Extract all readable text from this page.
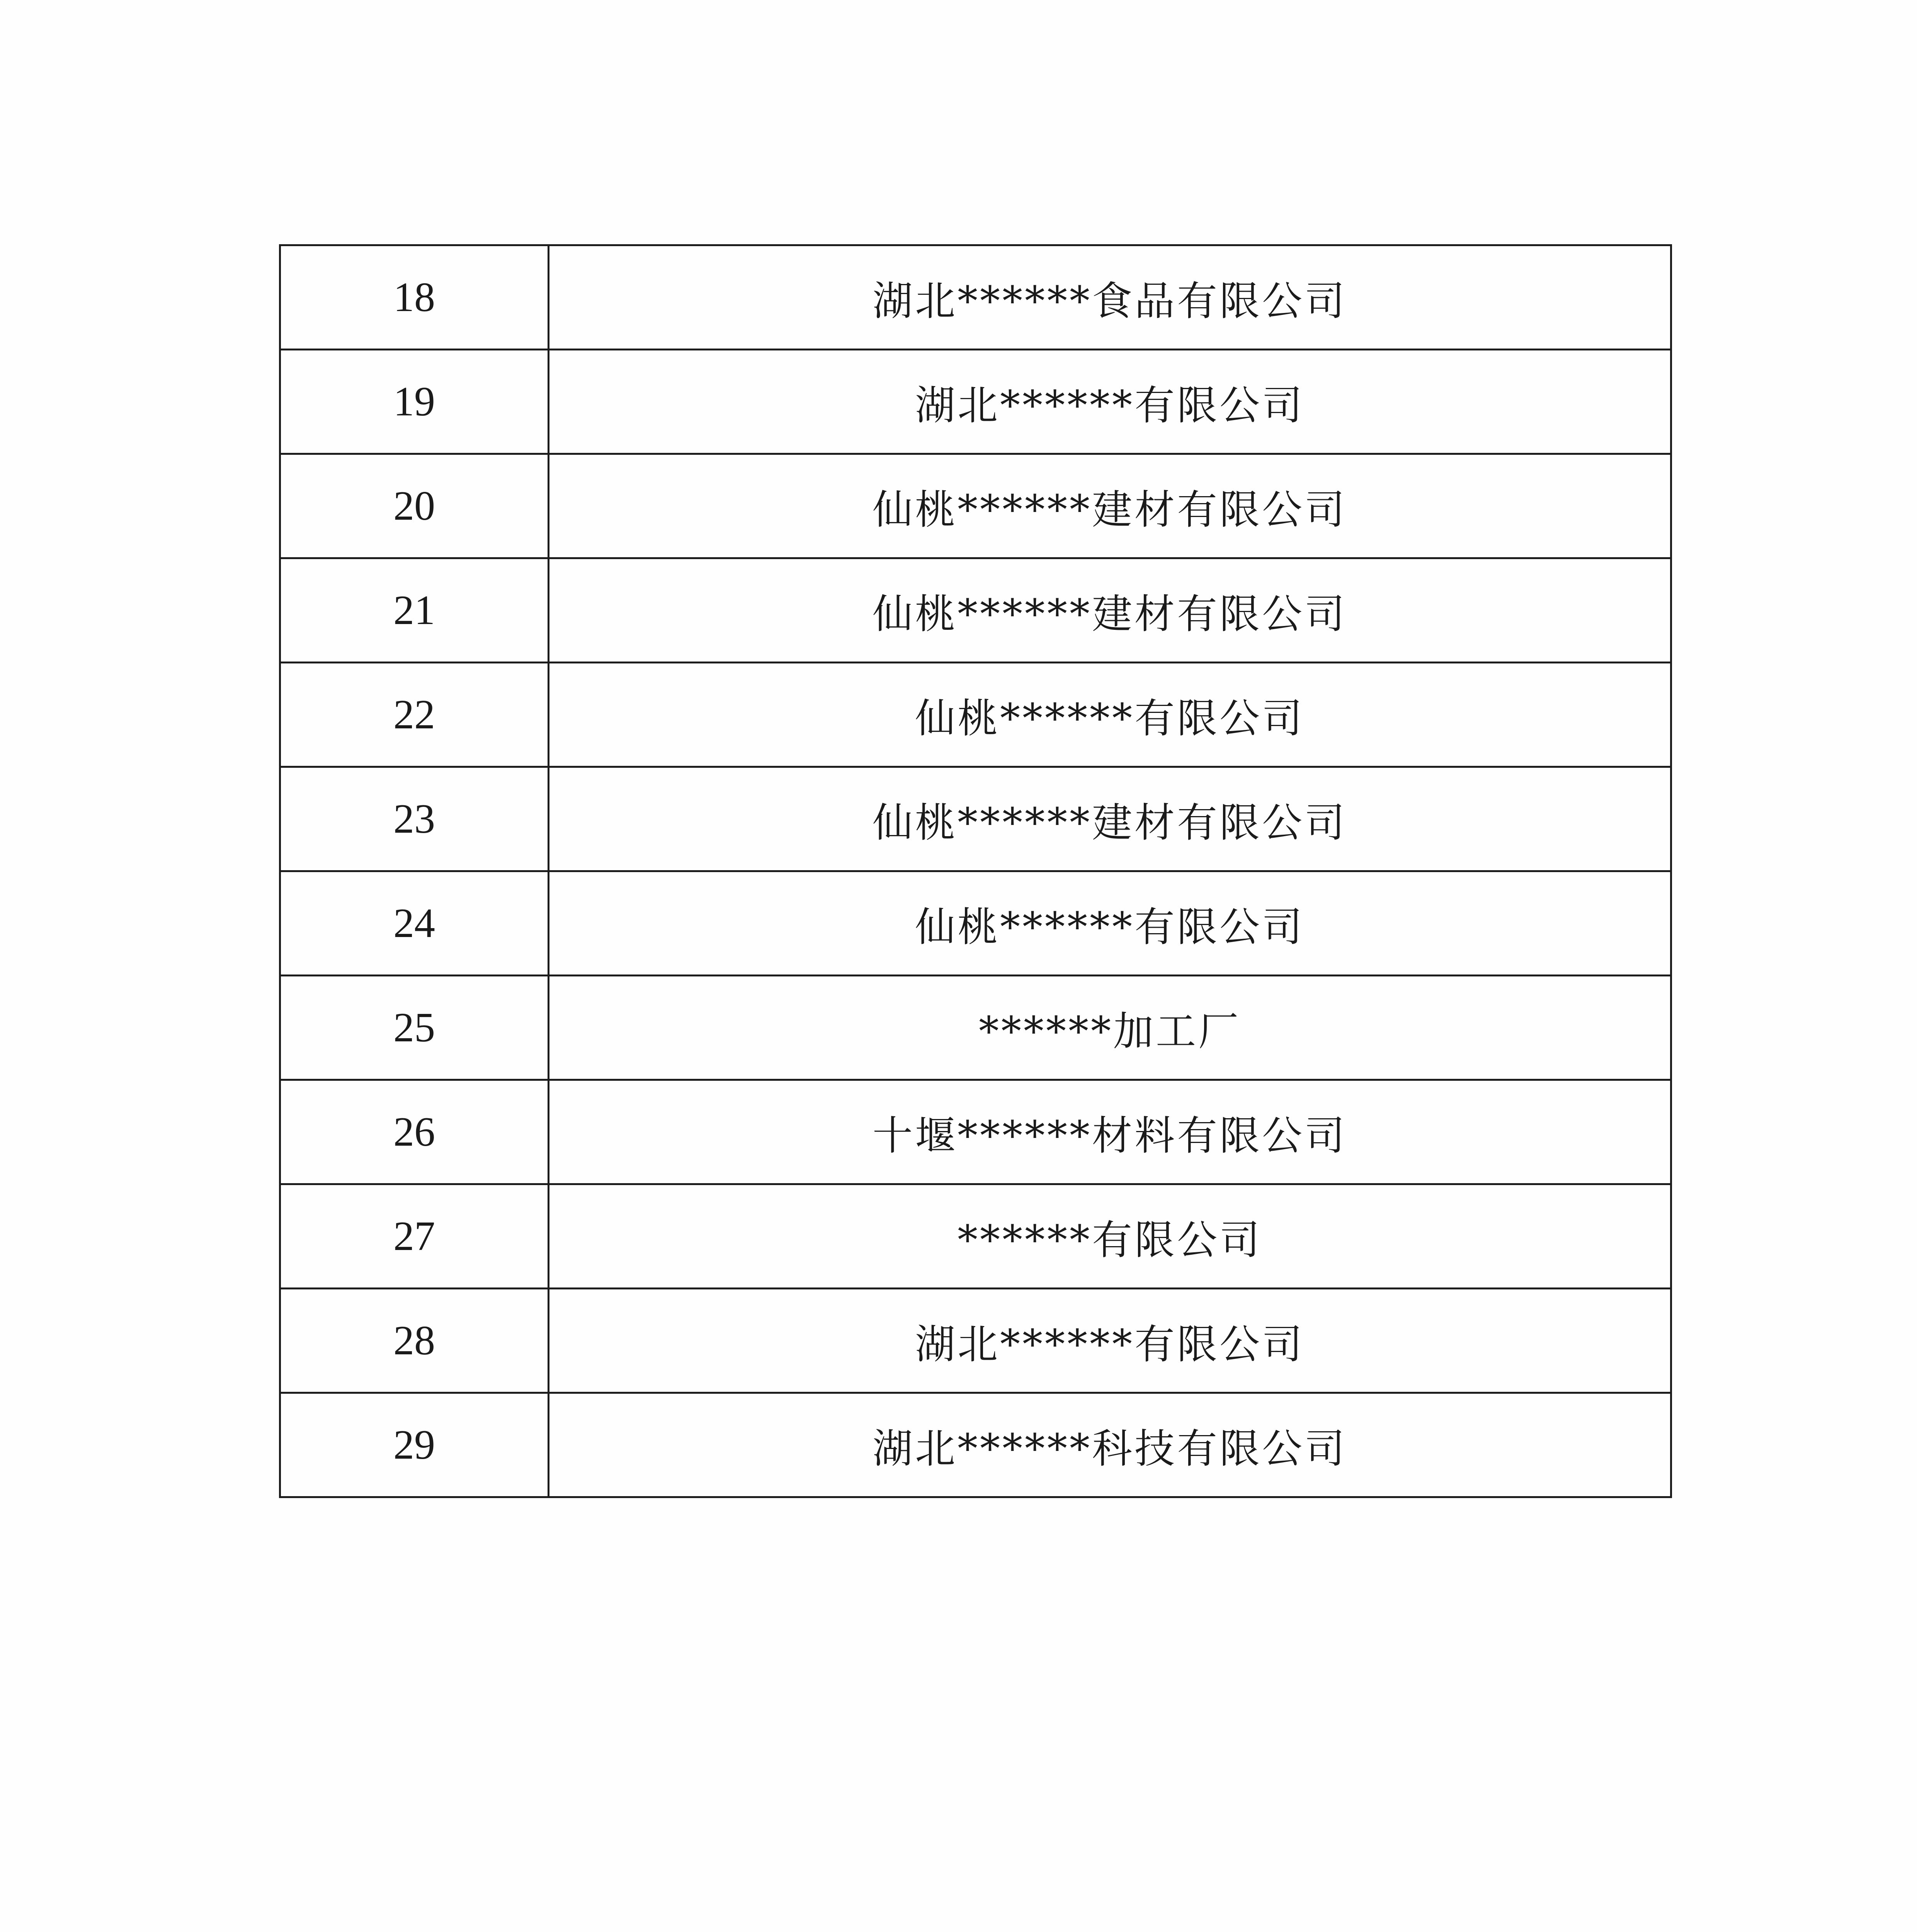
18	湖北******食品有限公司
19	湖北******有限公司
20	仙桃******建材有限公司
21	仙桃******建材有限公司
22	仙桃******有限公司
23	仙桃******建材有限公司
24	仙桃******有限公司
25	******加工厂
26	十堰******材料有限公司
27	******有限公司
28	湖北******有限公司
29	湖北******科技有限公司
